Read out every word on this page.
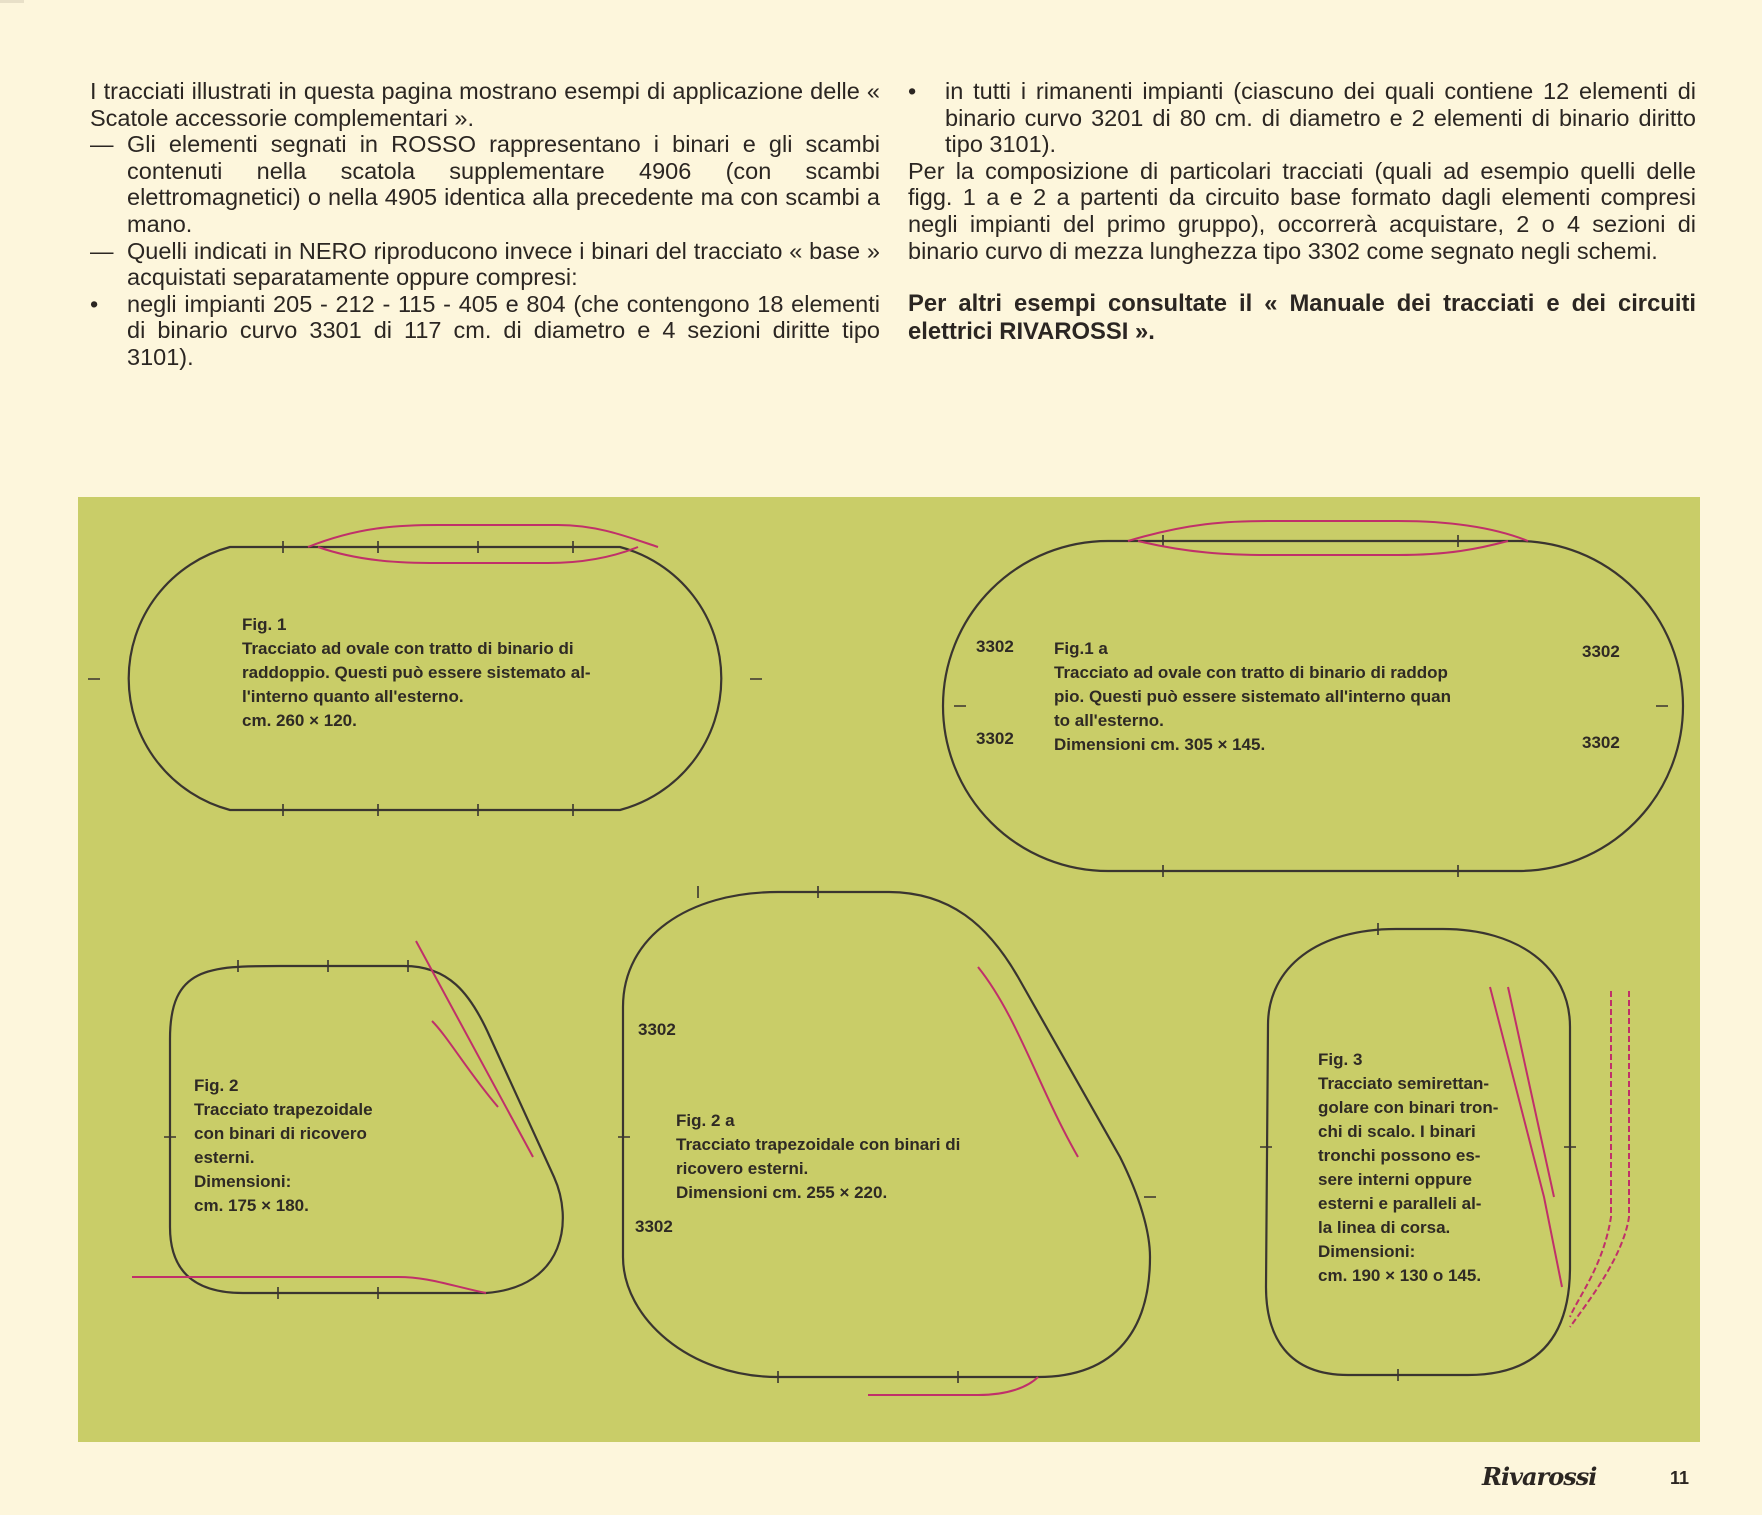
I tracciati illustrati in questa pagina mostrano esempi di applicazione delle « Scatole accessorie complementari ».

— Gli elementi segnati in ROSSO rappresentano i binari e gli scambi contenuti nella scatola supplementare 4906 (con scambi elettromagnetici) o nella 4905 identica alla precedente ma con scambi a mano.

— Quelli indicati in NERO riproducono invece i binari del tracciato « base » acquistati separatamente oppure compresi:

• negli impianti 205 - 212 - 115 - 405 e 804 (che contengono 18 elementi di binario curvo 3301 di 117 cm. di diametro e 4 sezioni diritte tipo 3101).

• in tutti i rimanenti impianti (ciascuno dei quali contiene 12 elementi di binario curvo 3201 di 80 cm. di diametro e 2 elementi di binario diritto tipo 3101).

Per la composizione di particolari tracciati (quali ad esempio quelli delle figg. 1 a e 2 a partenti da circuito base formato dagli elementi compresi negli impianti del primo gruppo), occorrerà acquistare, 2 o 4 sezioni di binario curvo di mezza lunghezza tipo 3302 come segnato negli schemi.

Per altri esempi consultate il « Manuale dei tracciati e dei circuiti elettrici RIVAROSSI ».

Fig. 1
Tracciato ad ovale con tratto di binario di
raddoppio. Questi può essere sistemato al-
l'interno quanto all'esterno.
cm. 260 × 120.
Fig.1 a
Tracciato ad ovale con tratto di binario di raddop
pio. Questi può essere sistemato all'interno quan
to all'esterno.
Dimensioni cm. 305 × 145.
3302
3302
3302
3302
Fig. 2
Tracciato trapezoidale
con binari di ricovero
esterni.
Dimensioni:
cm. 175 × 180.
Fig. 2 a
Tracciato trapezoidale con binari di
ricovero esterni.
Dimensioni cm. 255 × 220.
3302
3302
Fig. 3
Tracciato semirettan-
golare con binari tron-
chi di scalo. I binari
tronchi possono es-
sere interni oppure
esterni e paralleli al-
la linea di corsa.
Dimensioni:
cm. 190 × 130 o 145.
Rivarossi	11
